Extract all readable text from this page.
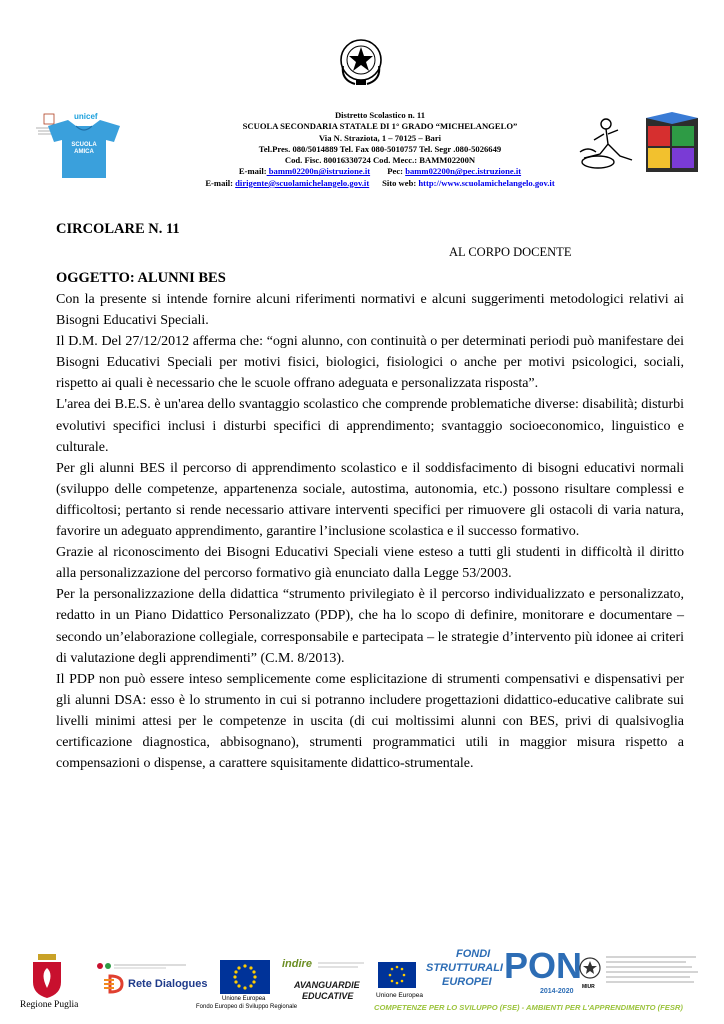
unicef
SCUOLA AMICA
Distretto Scolastico n. 11
SCUOLA SECONDARIA STATALE DI 1° GRADO “MICHELANGELO”
Via N. Straziota, 1 – 70125 – Bari
Tel.Pres. 080/5014889 Tel. Fax 080-5010757 Tel. Segr .080-5026649
Cod. Fisc. 80016330724 Cod. Mecc.: BAMM02200N
E-mail: bamm02200n@istruzione.it Pec: bamm02200n@pec.istruzione.it
E-mail: dirigente@scuolamichelangelo.gov.it Sito web: http://www.scuolamichelangelo.gov.it
CIRCOLARE N. 11
AL CORPO DOCENTE
OGGETTO: ALUNNI BES

Con la presente si intende fornire alcuni riferimenti normativi e alcuni suggerimenti metodologici relativi ai Bisogni Educativi Speciali.

Il D.M. Del 27/12/2012 afferma che: “ogni alunno, con continuità o per determinati periodi può manifestare dei Bisogni Educativi Speciali per motivi fisici, biologici, fisiologici o anche per motivi psicologici, sociali, rispetto ai quali è necessario che le scuole offrano adeguata e personalizzata risposta”.

L'area dei B.E.S. è un'area dello svantaggio scolastico che comprende problematiche diverse: disabilità; disturbi evolutivi specifici inclusi i disturbi specifici di apprendimento; svantaggio socioeconomico, linguistico e culturale.

Per gli alunni BES il percorso di apprendimento scolastico e il soddisfacimento di bisogni educativi normali (sviluppo delle competenze, appartenenza sociale, autostima, autonomia, etc.) possono risultare complessi e difficoltosi; pertanto si rende necessario attivare interventi specifici per rimuovere gli ostacoli di varia natura, favorire un adeguato apprendimento, garantire l’inclusione scolastica e il successo formativo.

Grazie al riconoscimento dei Bisogni Educativi Speciali viene esteso a tutti gli studenti in difficoltà il diritto alla personalizzazione del percorso formativo già enunciato dalla Legge 53/2003.

Per la personalizzazione della didattica “strumento privilegiato è il percorso individualizzato e personalizzato, redatto in un Piano Didattico Personalizzato (PDP), che ha lo scopo di definire, monitorare e documentare – secondo un’elaborazione collegiale, corresponsabile e partecipata – le strategie d’intervento più idonee ai criteri di valutazione degli apprendimenti” (C.M. 8/2013).

Il PDP non può essere inteso semplicemente come esplicitazione di strumenti compensativi e dispensativi per gli alunni DSA: esso è lo strumento in cui si potranno includere progettazioni didattico-educative calibrate sui livelli minimi attesi per le competenze in uscita (di cui moltissimi alunni con BES, privi di qualsivoglia certificazione diagnostica, abbisognano), strumenti programmatici utili in maggior misura rispetto a compensazioni o dispense, a carattere squisitamente didattico-strumentale.

Regione Puglia
Rete Dialogues
Unione Europea
Fondo Europeo di Sviluppo Regionale
indire
AVANGUARDIE
EDUCATIVE	Unione Europea
FONDI
STRUTTURALI
EUROPEI PON
2014-2020
MIUR
COMPETENZE PER LO SVILUPPO (FSE) - AMBIENTI PER L'APPRENDIMENTO (FESR)
